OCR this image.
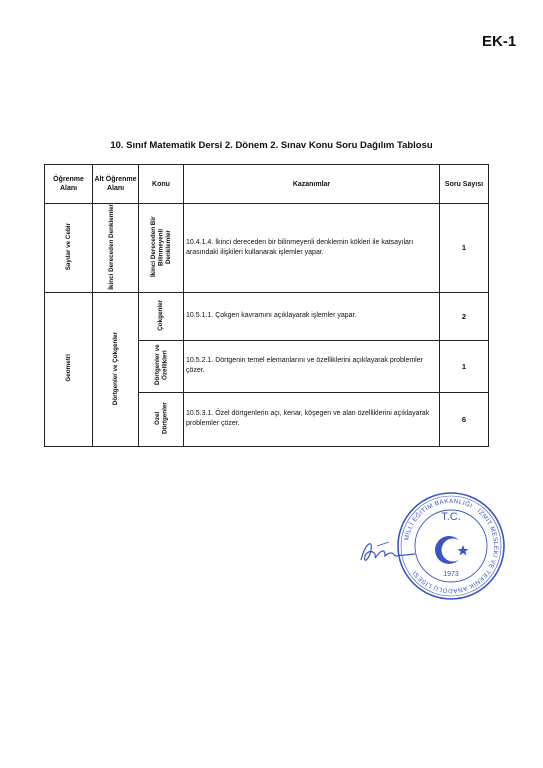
EK-1
10. Sınıf Matematik Dersi 2. Dönem 2. Sınav Konu Soru Dağılım Tablosu
Öğrenme Alanı	Alt Öğrenme Alanı	Konu	Kazanımlar	Soru Sayısı
Sayılar ve Cebir	İkinci Dereceden Denklemler	İkinci Dereceden Bir Bilinmeyenli Denklemler	10.4.1.4. İkinci dereceden bir bilinmeyenli denklemin kökleri ile katsayıları arasındaki ilişkileri kullanarak işlemler yapar.	1
Geometri	Dörtgenler ve Çokgenler	Çokgenler	10.5.1.1. Çokgen kavramını açıklayarak işlemler yapar.	2
		Dörtgenler ve Özellikleri	10.5.2.1. Dörtgenin temel elemanlarını ve özelliklerini açıklayarak problemler çözer.	1
		Özel Dörtgenler	10.5.3.1. Özel dörtgenlerin açı, kenar, köşegen ve alan özelliklerini açıklayarak problemler çözer.	6
MİLLÎ EĞİTİM BAKANLIĞI · İZMİT MESLEKİ VE TEKNİK ANADOLU LİSESİ
T.C.
1973
